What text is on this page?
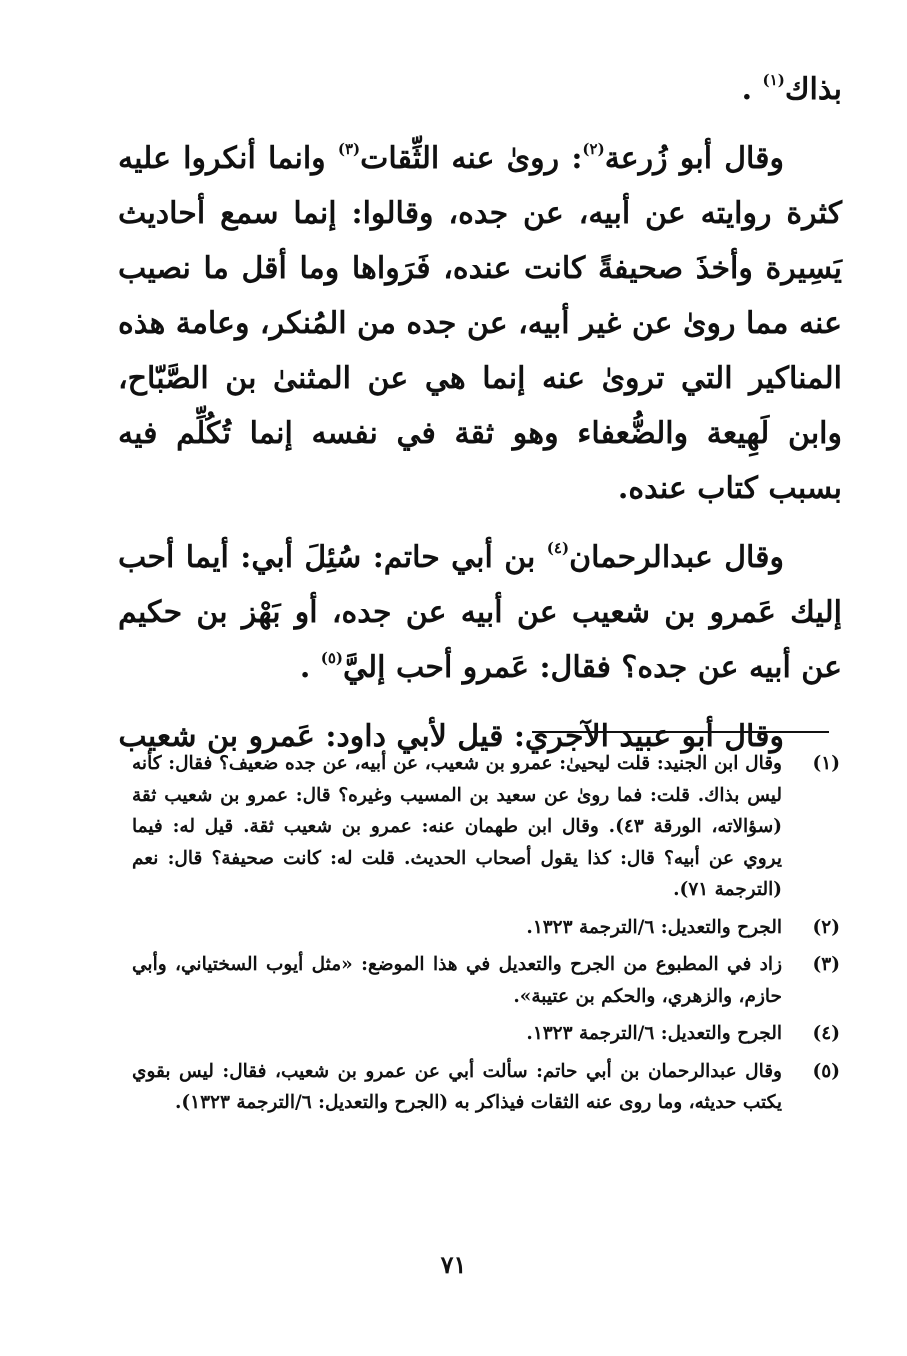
بذاك$^{(١)}$ .

وقال أبو زُرعة$^{(٢)}$: رویٰ عنه الثِّقات$^{(٣)}$ وانما أنكروا عليه كثرة روايته عن أبيه، عن جده، وقالوا: إنما سمع أحاديث يَسِيرة وأخذَ صحيفةً كانت عنده، فَرَواها وما أقل ما نصيب عنه مما رویٰ عن غير أبيه، عن جده من المُنكر، وعامة هذه المناكير التي تروىٰ عنه إنما هي عن المثنىٰ بن الصَّبّاح، وابن لَهِيعة والضُّعفاء وهو ثقة في نفسه إنما تُكُلِّم فيه بسبب كتاب عنده.

وقال عبدالرحمان$^{(٤)}$ بن أبي حاتم: سُئِلَ أبي: أيما أحب إليك عَمرو بن شعيب عن أبيه عن جده، أو بَهْز بن حكيم عن أبيه عن جده؟ فقال: عَمرو أحب إليَّ$^{(٥)}$ .

وقال أبو عبيد الآجري: قيل لأبي داود: عَمرو بن شعيب

(١)
وقال ابن الجنيد: قلت ليحيىٰ: عمرو بن شعيب، عن أبيه، عن جده ضعيف؟ فقال: كأنه ليس بذاك. قلت: فما رویٰ عن سعيد بن المسيب وغيره؟ قال: عمرو بن شعيب ثقة (سؤالاته، الورقة ٤٣). وقال ابن طهمان عنه: عمرو بن شعيب ثقة. قيل له: فيما يروي عن أبيه؟ قال: كذا يقول أصحاب الحديث. قلت له: كانت صحيفة؟ قال: نعم (الترجمة ٧١).
(٢)
الجرح والتعديل: ٦/الترجمة ١٣٢٣.
(٣)
زاد في المطبوع من الجرح والتعديل في هذا الموضع: «مثل أيوب السختياني، وأبي حازم، والزهري، والحكم بن عتيبة».
(٤)
الجرح والتعديل: ٦/الترجمة ١٣٢٣.
(٥)
وقال عبدالرحمان بن أبي حاتم: سألت أبي عن عمرو بن شعيب، فقال: ليس بقوي يكتب حديثه، وما روى عنه الثقات فيذاكر به (الجرح والتعديل: ٦/الترجمة ١٣٢٣).
٧١
